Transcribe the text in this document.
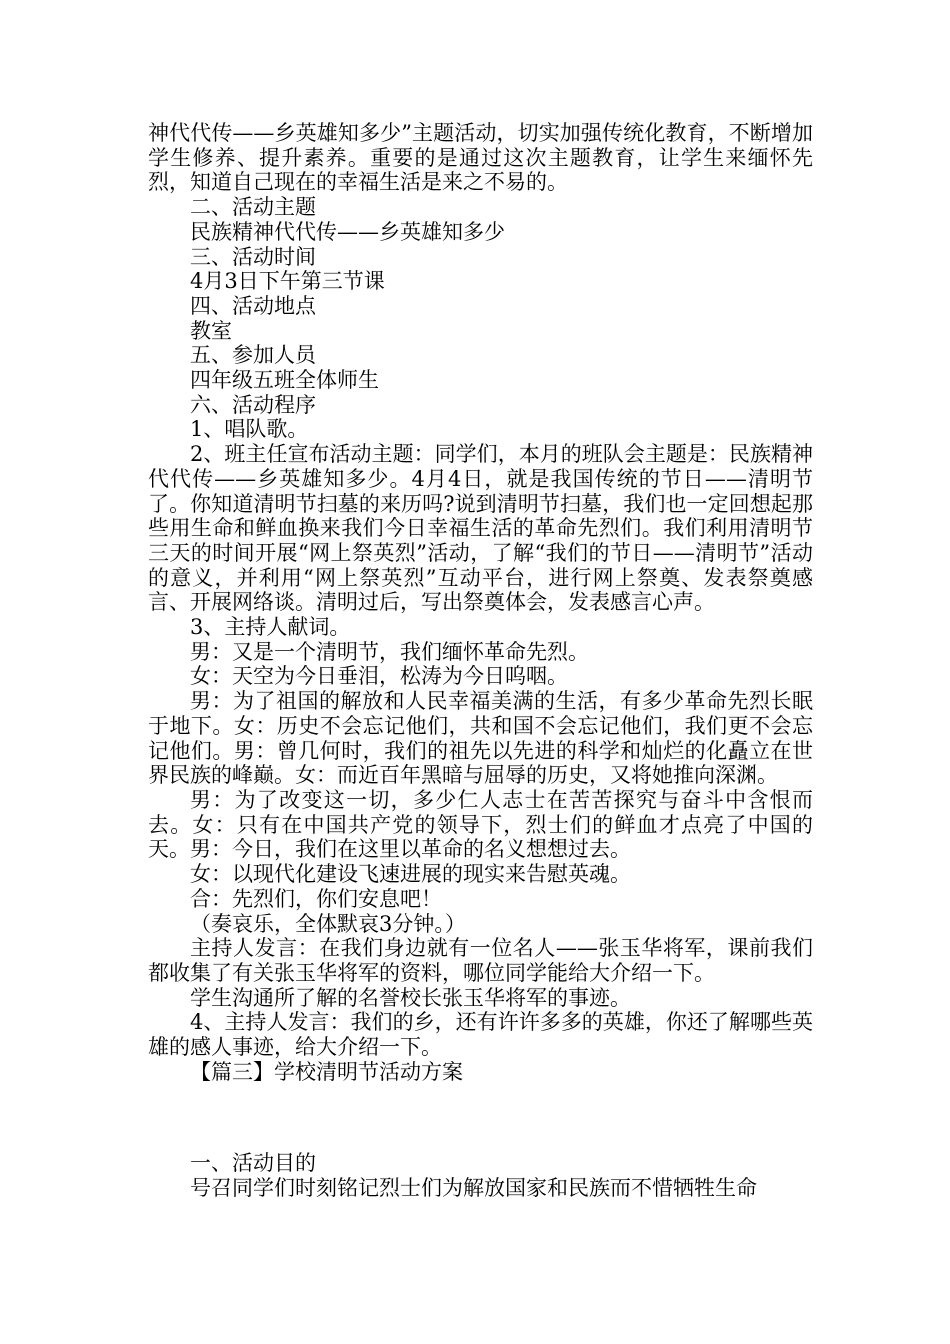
神代代传——乡英雄知多少”主题活动，切实加强传统化教育，不断增加学生修养、提升素养。重要的是通过这次主题教育，让学生来缅怀先烈，知道自己现在的幸福生活是来之不易的。

二、活动主题

民族精神代代传——乡英雄知多少

三、活动时间

4月3日下午第三节课

四、活动地点

教室

五、参加人员

四年级五班全体师生

六、活动程序

1、唱队歌。

2、班主任宣布活动主题：同学们，本月的班队会主题是：民族精神代代传——乡英雄知多少。4月4日，就是我国传统的节日——清明节了。你知道清明节扫墓的来历吗?说到清明节扫墓，我们也一定回想起那些用生命和鲜血换来我们今日幸福生活的革命先烈们。我们利用清明节三天的时间开展“网上祭英烈”活动，了解“我们的节日——清明节”活动的意义，并利用“网上祭英烈”互动平台，进行网上祭奠、发表祭奠感言、开展网络谈。清明过后，写出祭奠体会，发表感言心声。

3、主持人献词。

男：又是一个清明节，我们缅怀革命先烈。

女：天空为今日垂泪，松涛为今日呜咽。

男：为了祖国的解放和人民幸福美满的生活，有多少革命先烈长眠于地下。女：历史不会忘记他们，共和国不会忘记他们，我们更不会忘记他们。男：曾几何时，我们的祖先以先进的科学和灿烂的化矗立在世界民族的峰巅。女：而近百年黑暗与屈辱的历史，又将她推向深渊。

男：为了改变这一切，多少仁人志士在苦苦探究与奋斗中含恨而去。女：只有在中国共产党的领导下，烈士们的鲜血才点亮了中国的天。男：今日，我们在这里以革命的名义想想过去。

女：以现代化建设飞速进展的现实来告慰英魂。

合：先烈们，你们安息吧！

（奏哀乐，全体默哀3分钟。）

主持人发言：在我们身边就有一位名人——张玉华将军，课前我们都收集了有关张玉华将军的资料，哪位同学能给大介绍一下。

学生沟通所了解的名誉校长张玉华将军的事迹。

4、主持人发言：我们的乡，还有许许多多的英雄，你还了解哪些英雄的感人事迹，给大介绍一下。

【篇三】学校清明节活动方案

一、活动目的

号召同学们时刻铭记烈士们为解放国家和民族而不惜牺牲生命
